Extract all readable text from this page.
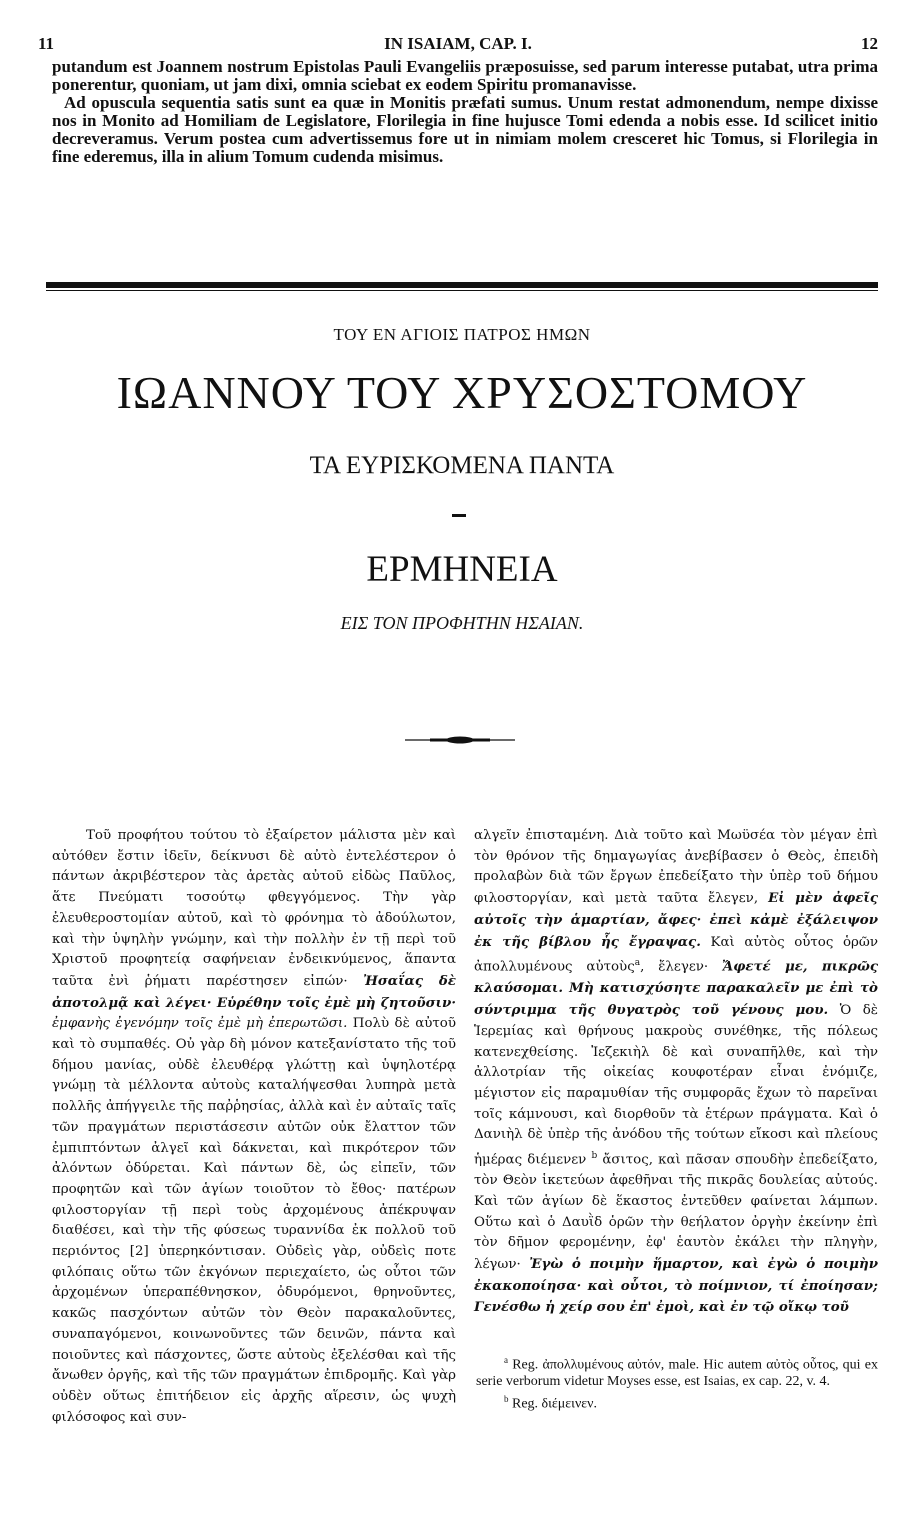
11	IN ISAIAM, CAP. I.	12

putandum est Joannem nostrum Epistolas Pauli Evangeliis præposuisse, sed parum interesse putabat, utra prima ponerentur, quoniam, ut jam dixi, omnia sciebat ex eodem Spiritu promanavisse.

Ad opuscula sequentia satis sunt ea quæ in Monitis præfati sumus. Unum restat admonendum, nempe dixisse nos in Monito ad Homiliam de Legislatore, Florilegia in fine hujusce Tomi edenda a nobis esse. Id scilicet initio decreveramus. Verum postea cum advertissemus fore ut in nimiam molem cresceret hic Tomus, si Florilegia in fine ederemus, illa in alium Tomum cudenda misimus.

ΤΟΥ ΕΝ ΑΓΙΟΙΣ ΠΑΤΡΟΣ ΗΜΩΝ
ΙΩΑΝΝΟΥ ΤΟΥ ΧΡΥΣΟΣΤΟΜΟΥ
ΤΑ ΕΥΡΙΣΚΟΜΕΝΑ ΠΑΝΤΑ
ΕΡΜΗΝΕΙΑ
ΕΙΣ ΤΟΝ ΠΡΟΦΗΤΗΝ ΗΣΑΙΑΝ.

Τοῦ προφήτου τούτου τὸ ἐξαίρετον μάλιστα μὲν καὶ αὐτόθεν ἔστιν ἰδεῖν, δείκνυσι δὲ αὐτὸ ἐντελέστερον ὁ πάντων ἀκριβέστερον τὰς ἀρετὰς αὐτοῦ εἰδὼς Παῦλος, ἅτε Πνεύματι τοσούτῳ φθεγγόμενος. Τὴν γὰρ ἐλευθεροστομίαν αὐτοῦ, καὶ τὸ φρόνημα τὸ ἀδούλωτον, καὶ τὴν ὑψηλὴν γνώμην, καὶ τὴν πολλὴν ἐν τῇ περὶ τοῦ Χριστοῦ προφητείᾳ σαφήνειαν ἐνδεικνύμενος, ἅπαντα ταῦτα ἐνὶ ῥήματι παρέστησεν εἰπών· Ἠσαΐας δὲ ἀποτολμᾷ καὶ λέγει· Εὑρέθην τοῖς ἐμὲ μὴ ζητοῦσιν· ἐμφανὴς ἐγενόμην τοῖς ἐμὲ μὴ ἐπερωτῶσι. Πολὺ δὲ αὐτοῦ καὶ τὸ συμπαθές. Οὐ γὰρ δὴ μόνον κατεξανίστατο τῆς τοῦ δήμου μανίας, οὐδὲ ἐλευθέρᾳ γλώττῃ καὶ ὑψηλοτέρᾳ γνώμῃ τὰ μέλλοντα αὐτοὺς καταλήψεσθαι λυπηρὰ μετὰ πολλῆς ἀπήγγειλε τῆς παῤῥησίας, ἀλλὰ καὶ ἐν αὐταῖς ταῖς τῶν πραγμάτων περιστάσεσιν αὐτῶν οὐκ ἔλαττον τῶν ἐμπιπτόντων ἀλγεῖ καὶ δάκνεται, καὶ πικρότερον τῶν ἀλόντων ὀδύρεται. Καὶ πάντων δὲ, ὡς εἰπεῖν, τῶν προφητῶν καὶ τῶν ἁγίων τοιοῦτον τὸ ἔθος· πατέρων φιλοστοργίαν τῇ περὶ τοὺς ἀρχομένους ἀπέκρυψαν διαθέσει, καὶ τὴν τῆς φύσεως τυραννίδα ἐκ πολλοῦ τοῦ περιόντος [2] ὑπερηκόντισαν. Οὐδεὶς γὰρ, οὐδεὶς ποτε φιλόπαις οὕτω τῶν ἐκγόνων περιεχαίετο, ὡς οὗτοι τῶν ἀρχομένων ὑπεραπέθνησκον, ὀδυρόμενοι, θρηνοῦντες, κακῶς πασχόντων αὐτῶν τὸν Θεὸν παρακαλοῦντες, συναπαγόμενοι, κοινωνοῦντες τῶν δεινῶν, πάντα καὶ ποιοῦντες καὶ πάσχοντες, ὥστε αὐτοὺς ἐξελέσθαι καὶ τῆς ἄνωθεν ὀργῆς, καὶ τῆς τῶν πραγμάτων ἐπιδρομῆς. Καὶ γὰρ οὐδὲν οὕτως ἐπιτήδειον εἰς ἀρχῆς αἵρεσιν, ὡς ψυχὴ φιλόσοφος καὶ συν-

αλγεῖν ἐπισταμένη. Διὰ τοῦτο καὶ Μωϋσέα τὸν μέγαν ἐπὶ τὸν θρόνον τῆς δημαγωγίας ἀνεβίβασεν ὁ Θεὸς, ἐπειδὴ προλαβὼν διὰ τῶν ἔργων ἐπεδείξατο τὴν ὑπὲρ τοῦ δήμου φιλοστοργίαν, καὶ μετὰ ταῦτα ἔλεγεν, Εἰ μὲν ἀφεῖς αὐτοῖς τὴν ἁμαρτίαν, ἄφες· ἐπεὶ κἀμὲ ἐξάλειψον ἐκ τῆς βίβλου ἧς ἔγραψας. Καὶ αὐτὸς οὗτος ὁρῶν ἀπολλυμένους αὐτοὺς$^a$, ἔλεγεν· Ἄφετέ με, πικρῶς κλαύσομαι. Μὴ κατισχύσητε παρακαλεῖν με ἐπὶ τὸ σύντριμμα τῆς θυγατρὸς τοῦ γένους μου. Ὁ δὲ Ἱερεμίας καὶ θρήνους μακροὺς συνέθηκε, τῆς πόλεως κατενεχθείσης. Ἰεζεκιὴλ δὲ καὶ συναπῆλθε, καὶ τὴν ἀλλοτρίαν τῆς οἰκείας κουφοτέραν εἶναι ἐνόμιζε, μέγιστον εἰς παραμυθίαν τῆς συμφορᾶς ἔχων τὸ παρεῖναι τοῖς κάμνουσι, καὶ διορθοῦν τὰ ἑτέρων πράγματα. Καὶ ὁ Δανιὴλ δὲ ὑπὲρ τῆς ἀνόδου τῆς τούτων εἴκοσι καὶ πλείους ἡμέρας διέμενεν $^b$ ἄσιτος, καὶ πᾶσαν σπουδὴν ἐπεδείξατο, τὸν Θεὸν ἱκετεύων ἀφεθῆναι τῆς πικρᾶς δουλείας αὐτούς. Καὶ τῶν ἁγίων δὲ ἕκαστος ἐντεῦθεν φαίνεται λάμπων. Οὕτω καὶ ὁ Δαυῒδ ὁρῶν τὴν θεήλατον ὀργὴν ἐκείνην ἐπὶ τὸν δῆμον φερομένην, ἐφ' ἑαυτὸν ἐκάλει τὴν πληγὴν, λέγων· Ἐγὼ ὁ ποιμὴν ἥμαρτον, καὶ ἐγὼ ὁ ποιμὴν ἐκακοποίησα· καὶ οὗτοι, τὸ ποίμνιον, τί ἐποίησαν; Γενέσθω ἡ χείρ σου ἐπ' ἐμοὶ, καὶ ἐν τῷ οἴκῳ τοῦ

$^a$ Reg. ἀπολλυμένους αὐτόν, male. Hic autem αὐτὸς οὗτος, qui ex serie verborum videtur Moyses esse, est Isaias, ex cap. 22, v. 4.

$^b$ Reg. διέμεινεν.
